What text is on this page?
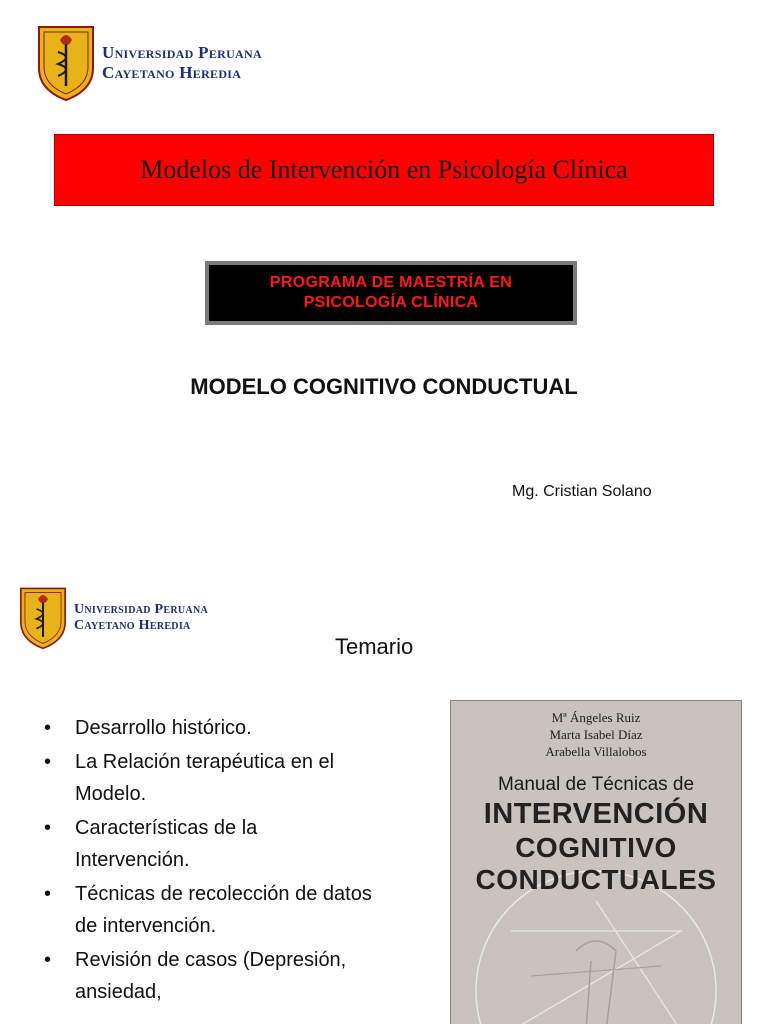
Universidad Peruana
Cayetano Heredia
Modelos de Intervención en Psicología Clínica
PROGRAMA DE MAESTRÍA EN
PSICOLOGÍA CLÍNICA
MODELO COGNITIVO CONDUCTUAL
Mg. Cristian Solano
Universidad Peruana
Cayetano Heredia
Temario
• Desarrollo histórico.
• La Relación terapéutica en el Modelo.
• Características de la Intervención.
• Técnicas de recolección de datos de intervención.
• Revisión de casos (Depresión, ansiedad,
Mª Ángeles Ruiz
Marta Isabel Díaz
Arabella Villalobos
Manual de Técnicas de
INTERVENCIÓN
COGNITIVO
CONDUCTUALES
